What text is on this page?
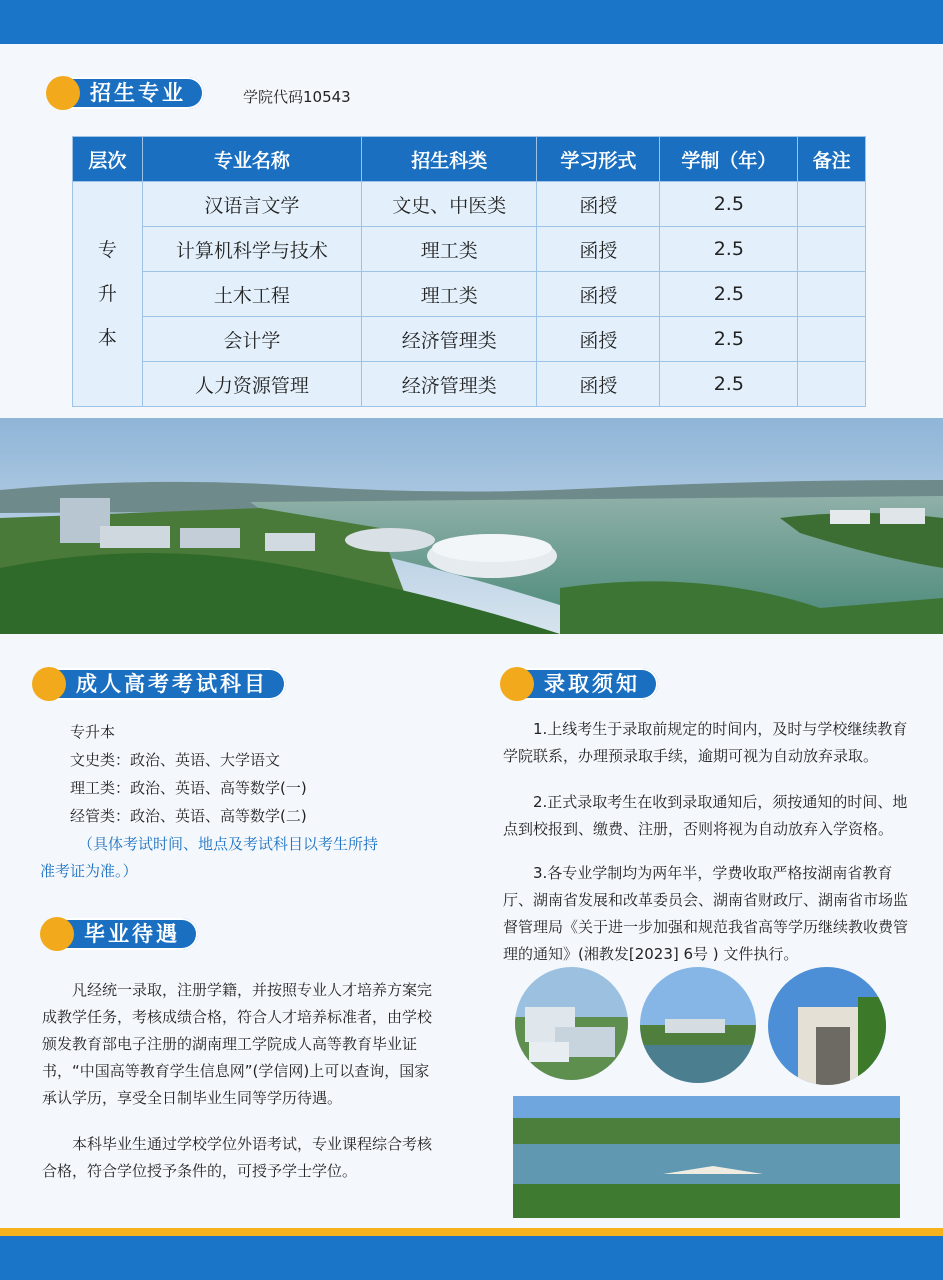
招生专业	学院代码10543
层次	专业名称	招生科类	学习形式	学制（年）	备注
专升本	汉语言文学	文史、中医类	函授	2.5	
	计算机科学与技术	理工类	函授	2.5	
	土木工程	理工类	函授	2.5	
	会计学	经济管理类	函授	2.5	
	人力资源管理	经济管理类	函授	2.5	
成人高考考试科目
专升本
文史类：政治、英语、大学语文
理工类：政治、英语、高等数学(一)
经管类：政治、英语、高等数学(二)
（具体考试时间、地点及考试科目以考生所持
准考证为准。）
毕业待遇

凡经统一录取，注册学籍，并按照专业人才培养方案完成教学任务，考核成绩合格，符合人才培养标准者，由学校颁发教育部电子注册的湖南理工学院成人高等教育毕业证书，“中国高等教育学生信息网”(学信网)上可以查询，国家承认学历，享受全日制毕业生同等学历待遇。

本科毕业生通过学校学位外语考试，专业课程综合考核合格，符合学位授予条件的，可授予学士学位。

录取须知

1.上线考生于录取前规定的时间内，及时与学校继续教育学院联系，办理预录取手续，逾期可视为自动放弃录取。

2.正式录取考生在收到录取通知后，须按通知的时间、地点到校报到、缴费、注册，否则将视为自动放弃入学资格。

3.各专业学制均为两年半，学费收取严格按湖南省教育厅、湖南省发展和改革委员会、湖南省财政厅、湖南省市场监督管理局《关于进一步加强和规范我省高等学历继续教收费管理的通知》(湘教发[2023] 6号 ) 文件执行。
